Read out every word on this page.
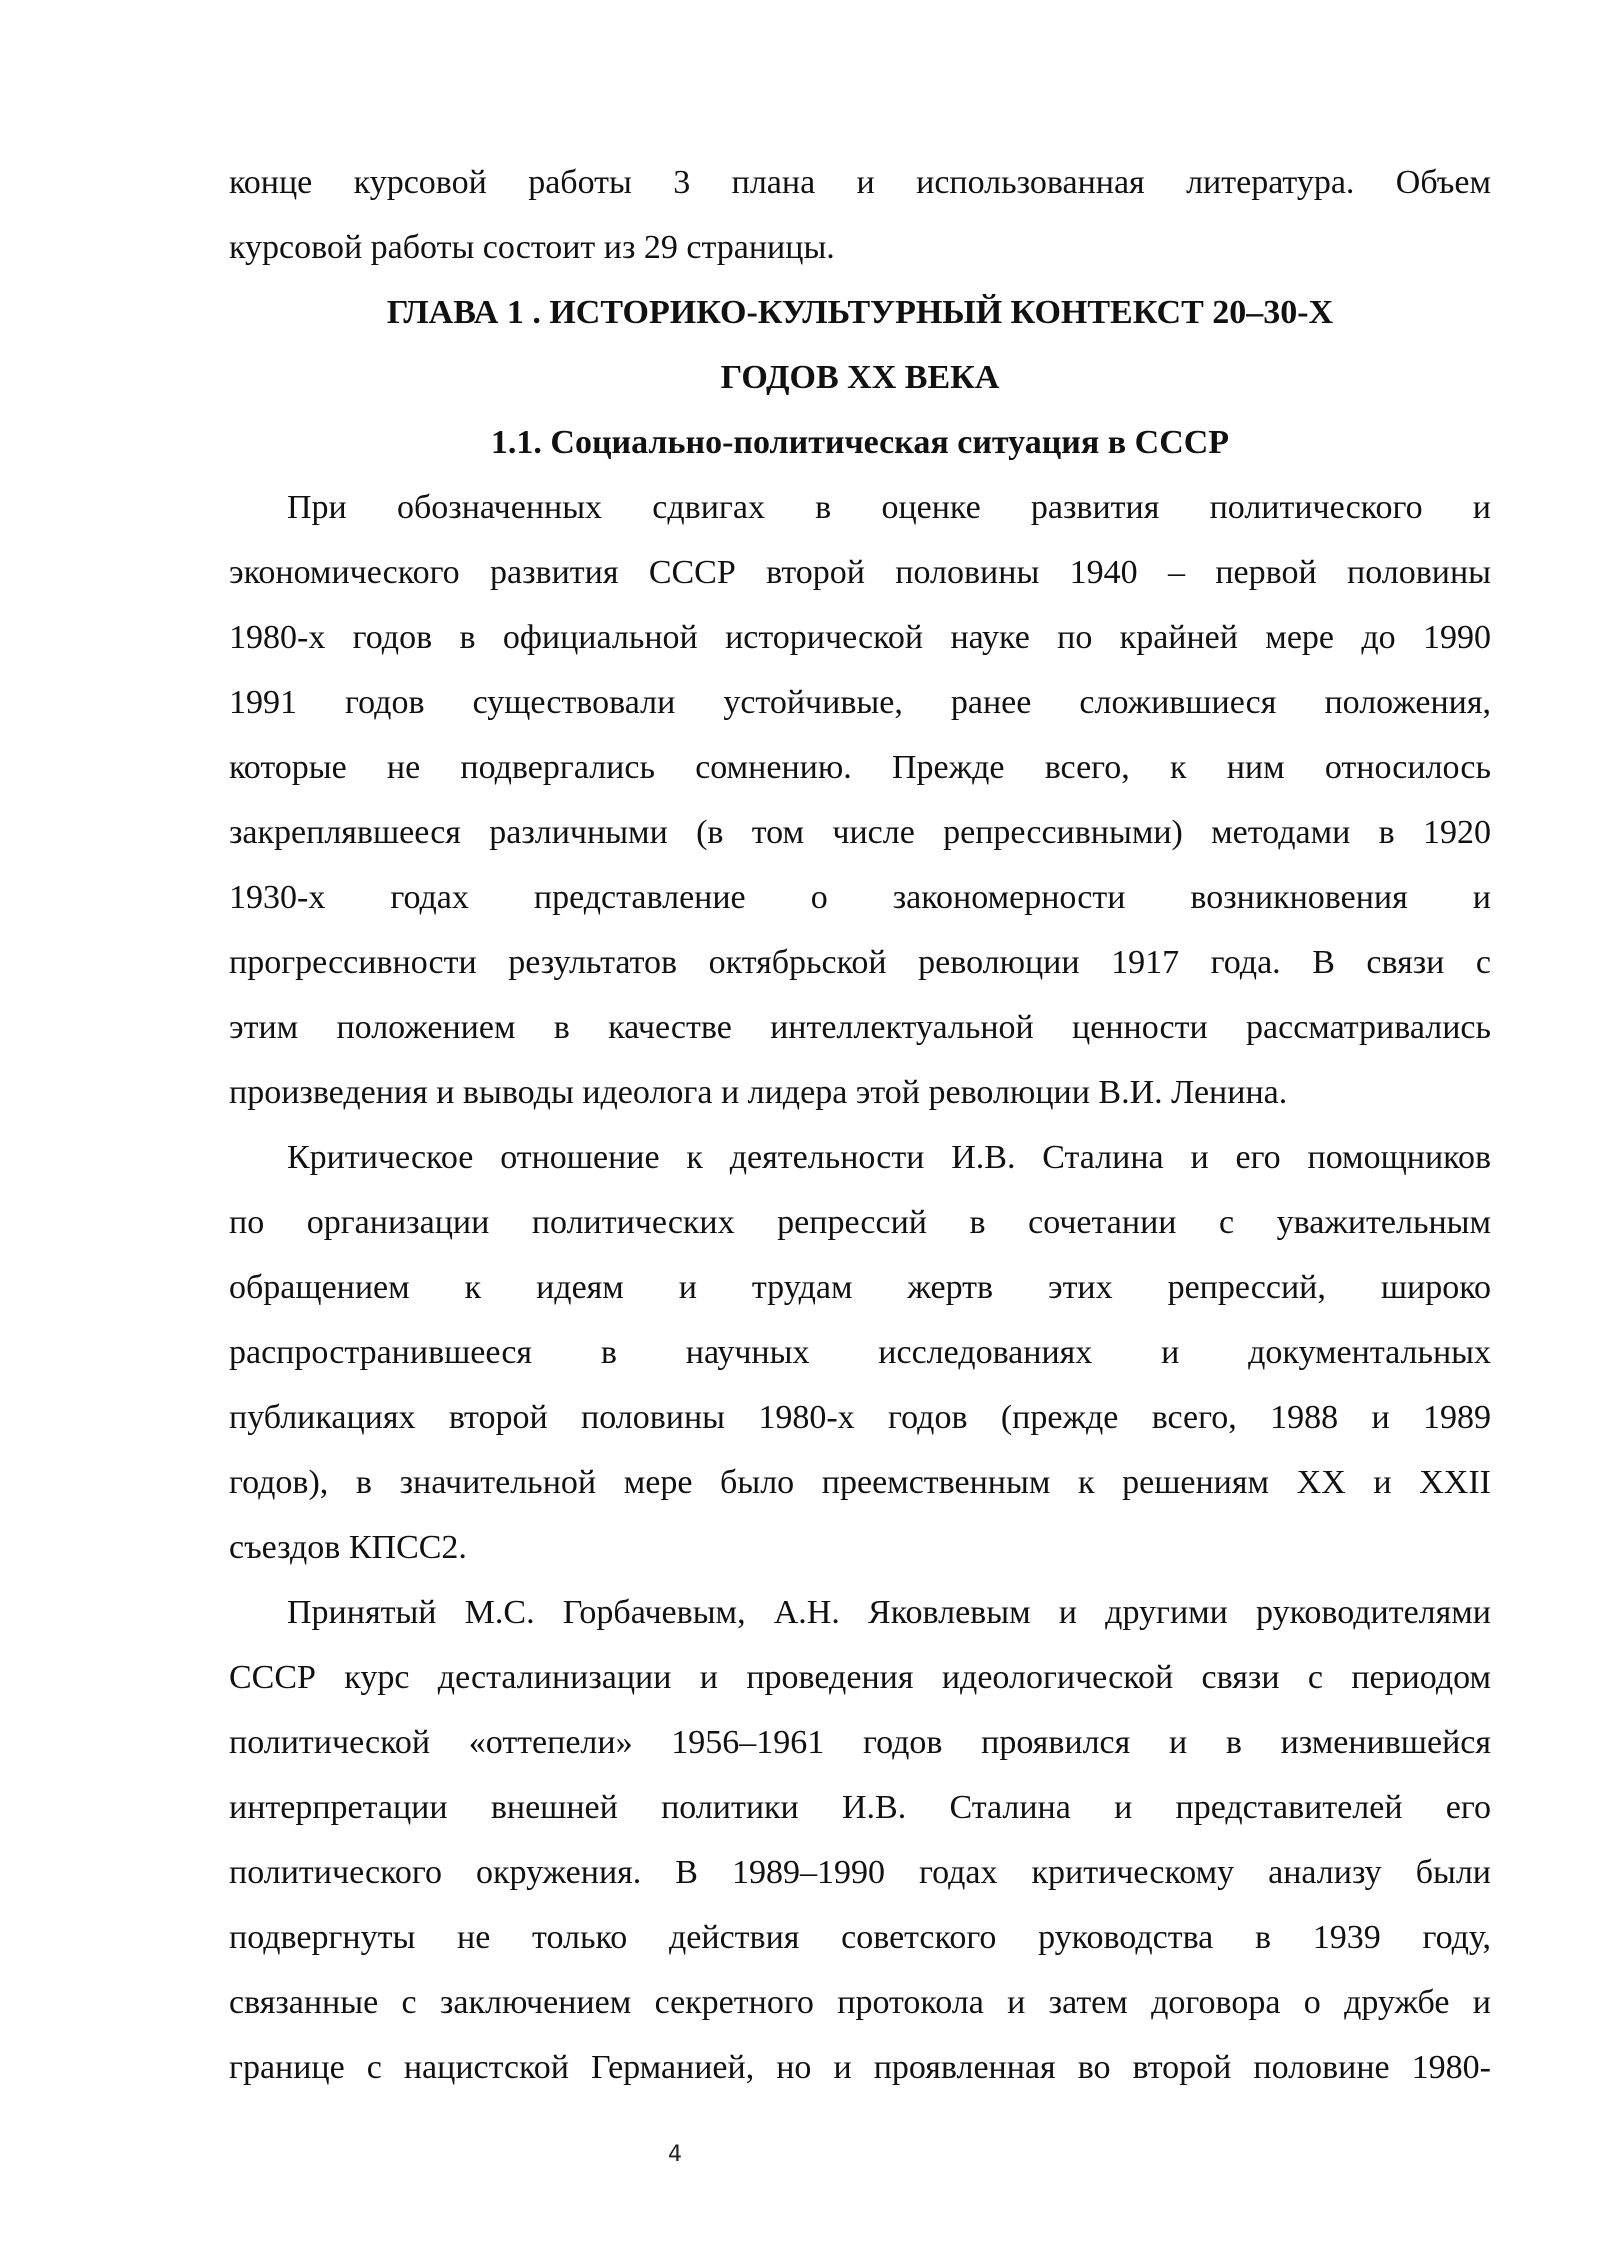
конце курсовой работы 3 плана и использованная литература. Объем
курсовой работы состоит из 29 страницы.
ГЛАВА 1 . ИСТОРИКО-КУЛЬТУРНЫЙ КОНТЕКСТ 20–30-Х
ГОДОВ XX ВЕКА
1.1. Социально-политическая ситуация в СССР
При обозначенных сдвигах в оценке развития политического и
экономического развития СССР второй половины 1940 – первой половины
1980-х годов в официальной исторической науке по крайней мере до 1990
1991 годов существовали устойчивые, ранее сложившиеся положения,
которые не подвергались сомнению. Прежде всего, к ним относилось
закреплявшееся различными (в том числе репрессивными) методами в 1920
1930-х годах представление о закономерности возникновения и
прогрессивности результатов октябрьской революции 1917 года. В связи с
этим положением в качестве интеллектуальной ценности рассматривались
произведения и выводы идеолога и лидера этой революции В.И. Ленина.
Критическое отношение к деятельности И.В. Сталина и его помощников
по организации политических репрессий в сочетании с уважительным
обращением к идеям и трудам жертв этих репрессий, широко
распространившееся в научных исследованиях и документальных
публикациях второй половины 1980-х годов (прежде всего, 1988 и 1989
годов), в значительной мере было преемственным к решениям XX и XXII
съездов КПСС2.
Принятый М.С. Горбачевым, А.Н. Яковлевым и другими руководителями
СССР курс десталинизации и проведения идеологической связи с периодом
политической «оттепели» 1956–1961 годов проявился и в изменившейся
интерпретации внешней политики И.В. Сталина и представителей его
политического окружения. В 1989–1990 годах критическому анализу были
подвергнуты не только действия советского руководства в 1939 году,
связанные с заключением секретного протокола и затем договора о дружбе и
границе с нацистской Германией, но и проявленная во второй половине 1980-
4
